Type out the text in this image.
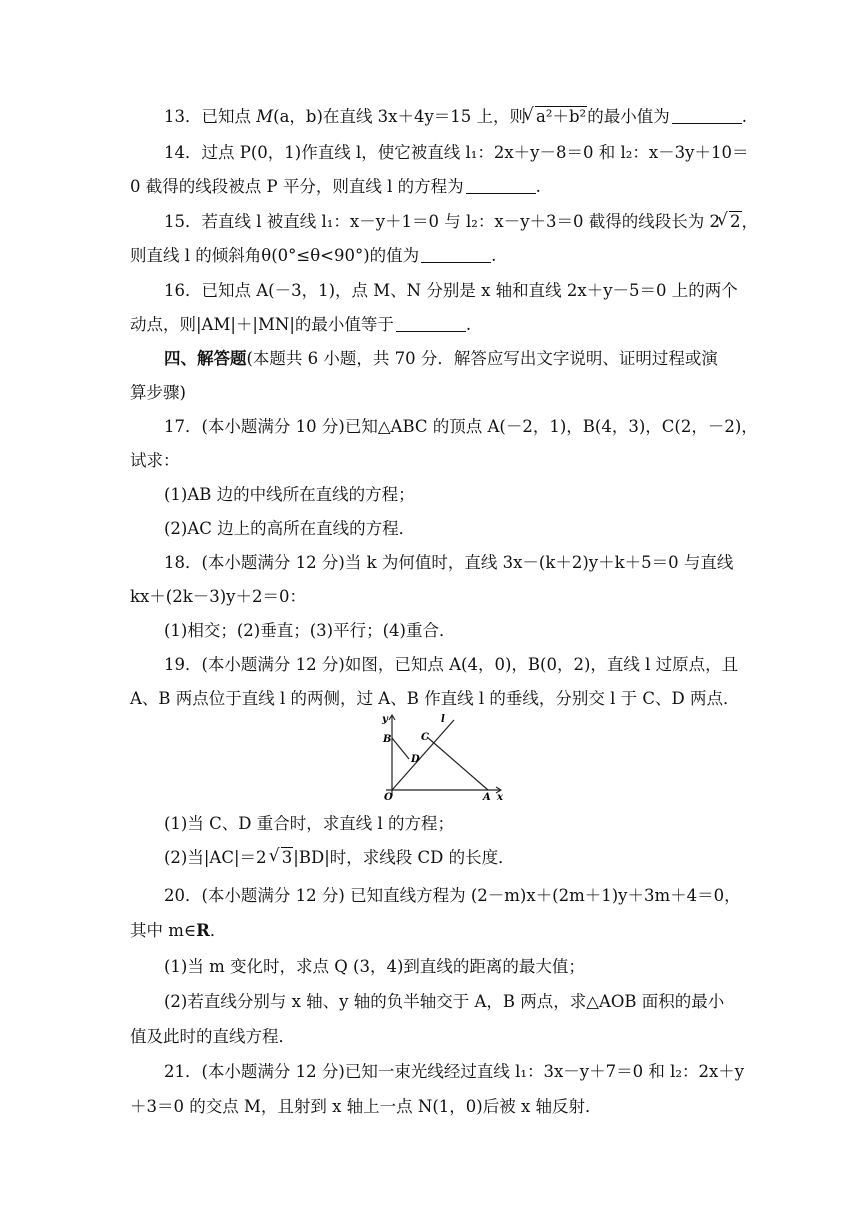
13．已知点 M(a，b)在直线 3x＋4y＝15 上，则 √ a²＋b²的最小值为	.
14．过点 P(0，1)作直线 l，使它被直线 l₁：2x＋y－8＝0 和 l₂：x－3y＋10＝
0 截得的线段被点 P 平分，则直线 l 的方程为	.
15．若直线 l 被直线 l₁：x－y＋1＝0 与 l₂：x－y＋3＝0 截得的线段长为 2 √ 2，
则直线 l 的倾斜角θ(0°≤θ<90°)的值为	.
16．已知点 A(－3，1)，点 M、N 分别是 x 轴和直线 2x＋y－5＝0 上的两个
动点，则|AM|＋|MN|的最小值等于	.
四、解答题(本题共 6 小题，共 70 分．解答应写出文字说明、证明过程或演
算步骤)
17．(本小题满分 10 分)已知△ABC 的顶点 A(－2，1)，B(4，3)，C(2，－2)，
试求：
(1)AB 边的中线所在直线的方程；
(2)AC 边上的高所在直线的方程．
18．(本小题满分 12 分)当 k 为何值时，直线 3x－(k＋2)y＋k＋5＝0 与直线
kx＋(2k－3)y＋2＝0：
(1)相交；(2)垂直；(3)平行；(4)重合．
19．(本小题满分 12 分)如图，已知点 A(4，0)，B(0，2)，直线 l 过原点，且
A、B 两点位于直线 l 的两侧，过 A、B 作直线 l 的垂线，分别交 l 于 C、D 两点．
y	l
B	C
D
O	A x
(1)当 C、D 重合时，求直线 l 的方程；
(2)当|AC|＝2 √ 3|BD|时，求线段 CD 的长度．
20．(本小题满分 12 分) 已知直线方程为 (2－m)x＋(2m＋1)y＋3m＋4＝0，
其中 m∈R．
(1)当 m 变化时，求点 Q (3，4)到直线的距离的最大值；
(2)若直线分别与 x 轴、y 轴的负半轴交于 A，B 两点，求△AOB 面积的最小
值及此时的直线方程．
21．(本小题满分 12 分)已知一束光线经过直线 l₁：3x－y＋7＝0 和 l₂：2x＋y
＋3＝0 的交点 M，且射到 x 轴上一点 N(1，0)后被 x 轴反射．
